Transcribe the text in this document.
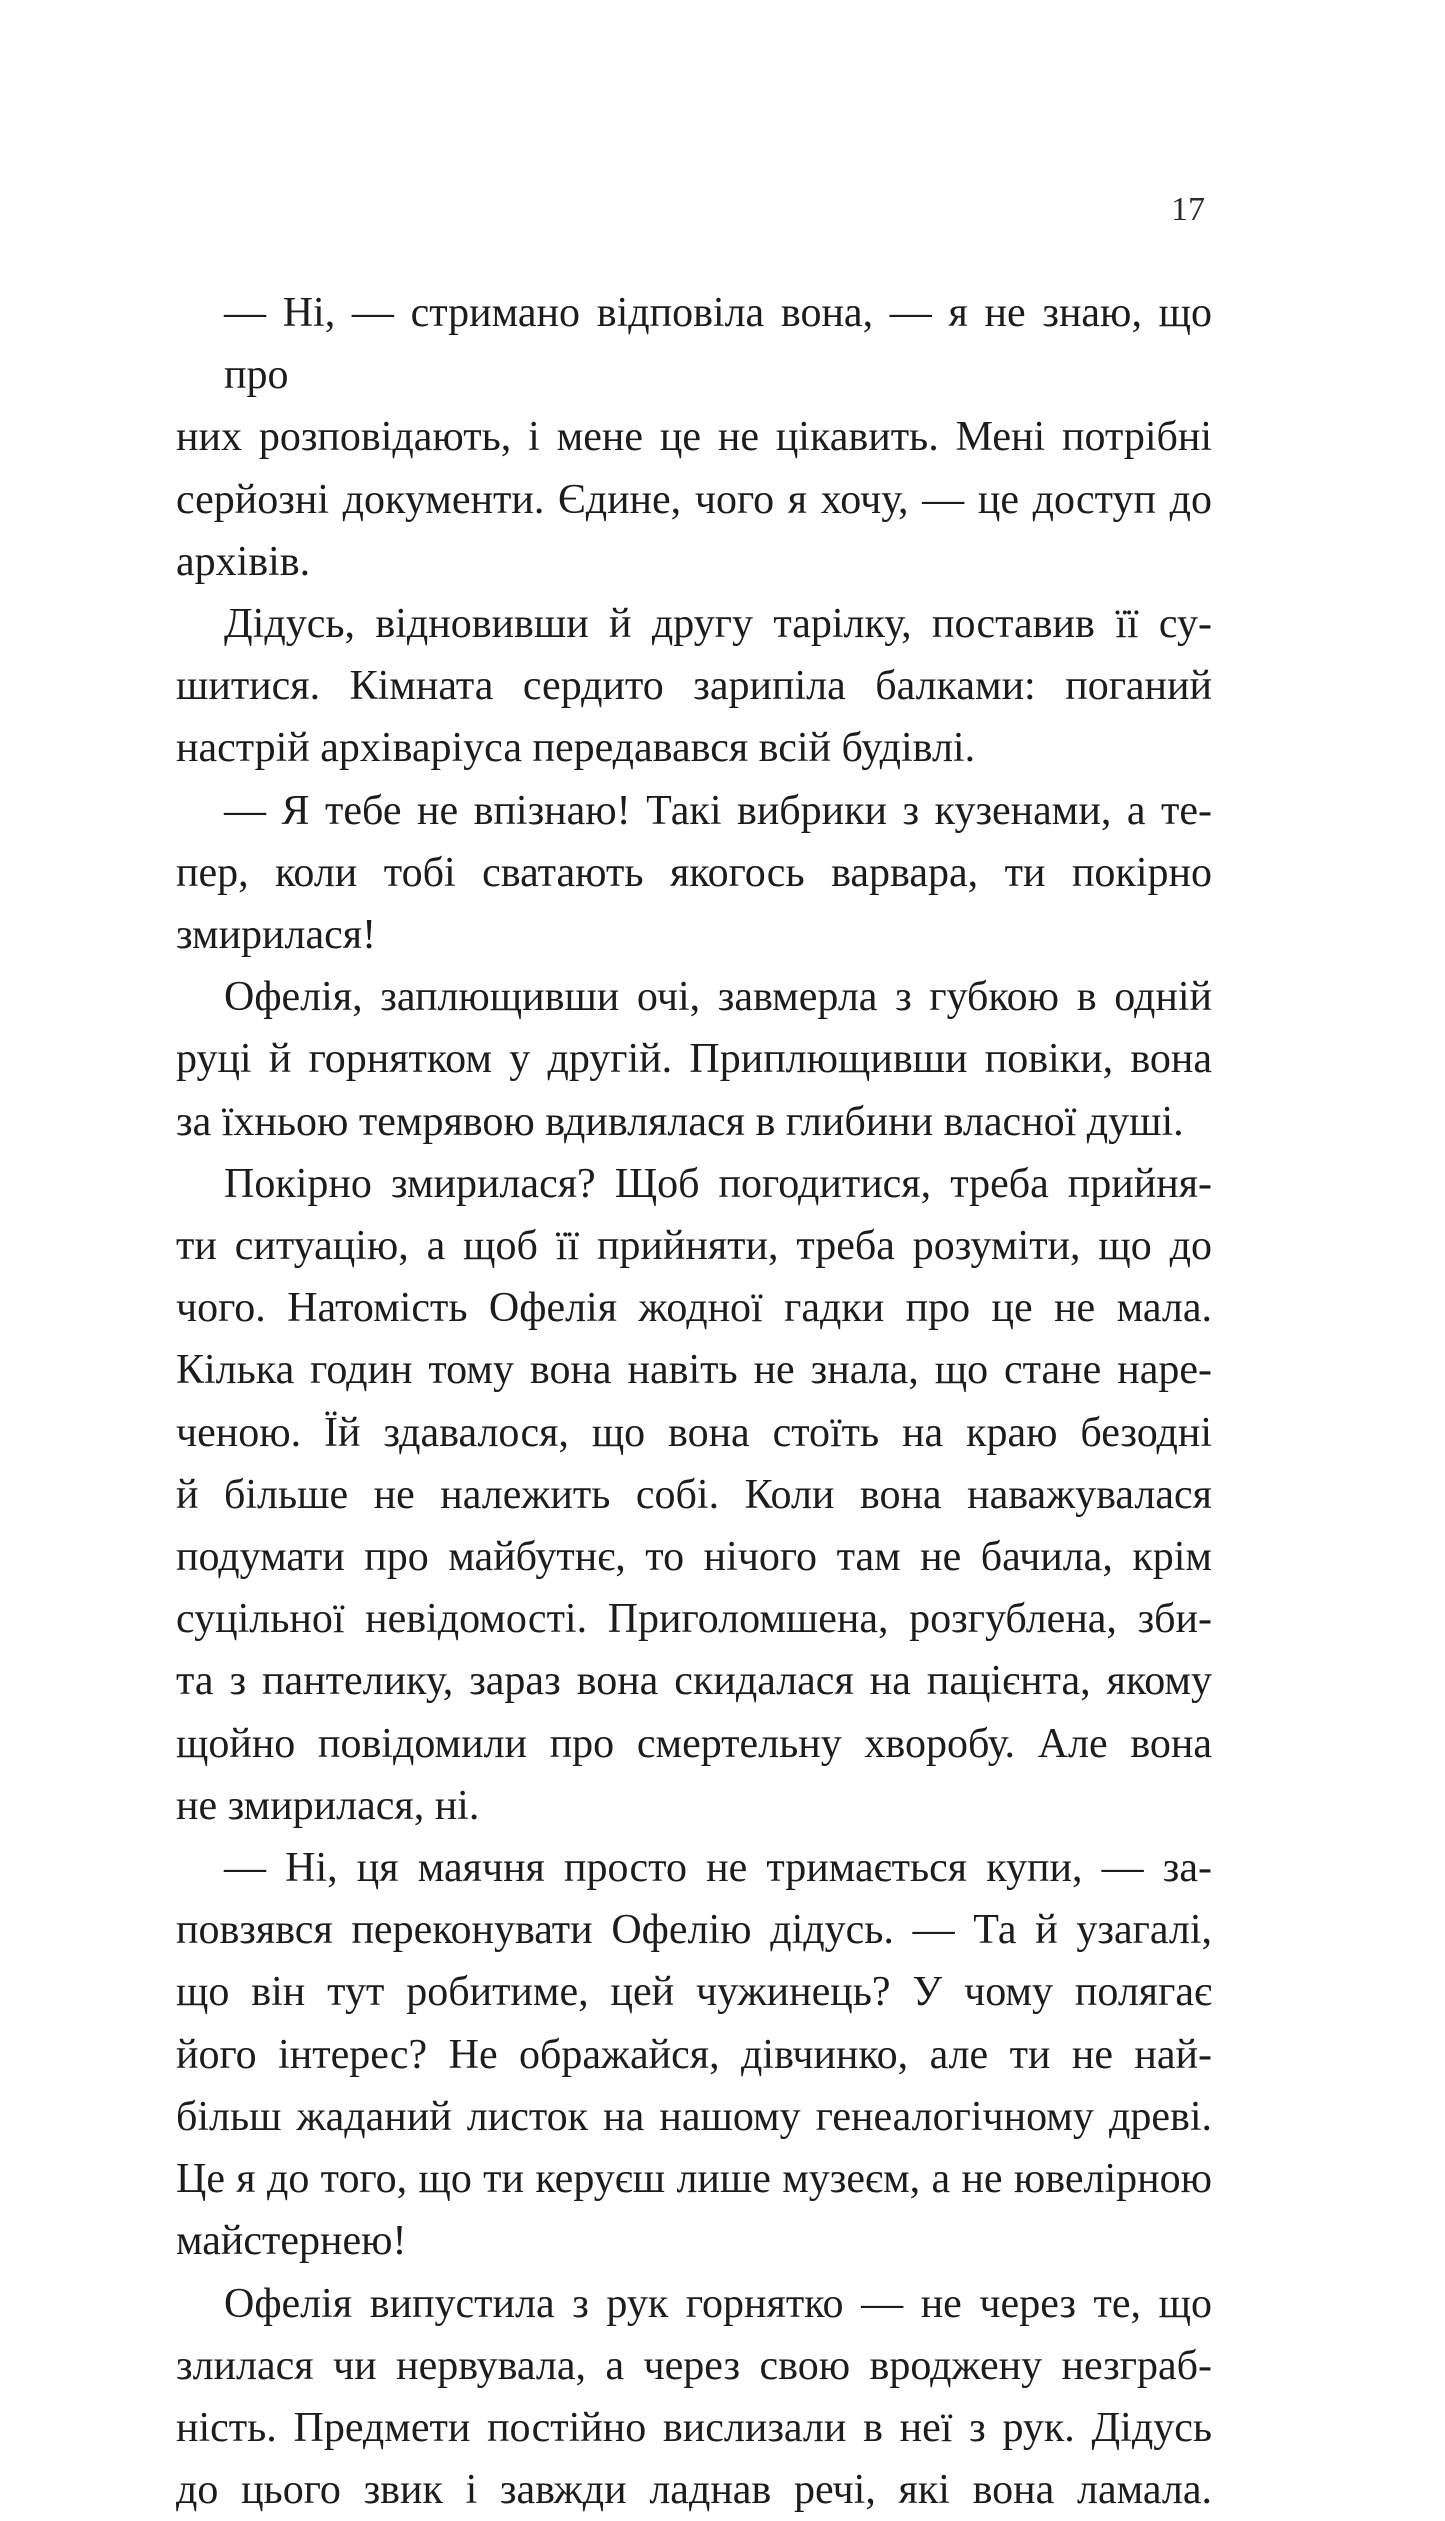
17

— Ні, — стримано відповіла вона, — я не знаю, що про
них розповідають, і мене це не цікавить. Мені потрібні
серйозні документи. Єдине, чого я хочу, — це доступ до
архівів.

Дідусь, відновивши й другу тарілку, поставив її су-
шитися. Кімната сердито зарипіла балками: поганий
настрій архіваріуса передавався всій будівлі.

— Я тебе не впізнаю! Такі вибрики з кузенами, а те-
пер, коли тобі сватають якогось варвара, ти покірно
змирилася!

Офелія, заплющивши очі, завмерла з губкою в одній
руці й горнятком у другій. Приплющивши повіки, вона
за їхньою темрявою вдивлялася в глибини власної душі.

Покірно змирилася? Щоб погодитися, треба прийня-
ти ситуацію, а щоб її прийняти, треба розуміти, що до
чого. Натомість Офелія жодної гадки про це не мала.
Кілька годин тому вона навіть не знала, що стане наре-
ченою. Їй здавалося, що вона стоїть на краю безодні
й більше не належить собі. Коли вона наважувалася
подумати про майбутнє, то нічого там не бачила, крім
суцільної невідомості. Приголомшена, розгублена, зби-
та з пантелику, зараз вона скидалася на пацієнта, якому
щойно повідомили про смертельну хворобу. Але вона
не змирилася, ні.

— Ні, ця маячня просто не тримається купи, — за-
повзявся переконувати Офелію дідусь. — Та й узагалі,
що він тут робитиме, цей чужинець? У чому полягає
його інтерес? Не ображайся, дівчинко, але ти не най-
більш жаданий листок на нашому генеалогічному древі.
Це я до того, що ти керуєш лише музеєм, а не ювелірною
майстернею!

Офелія випустила з рук горнятко — не через те, що
злилася чи нервувала, а через свою вроджену незграб-
ність. Предмети постійно вислизали в неї з рук. Дідусь
до цього звик і завжди ладнав речі, які вона ламала.
